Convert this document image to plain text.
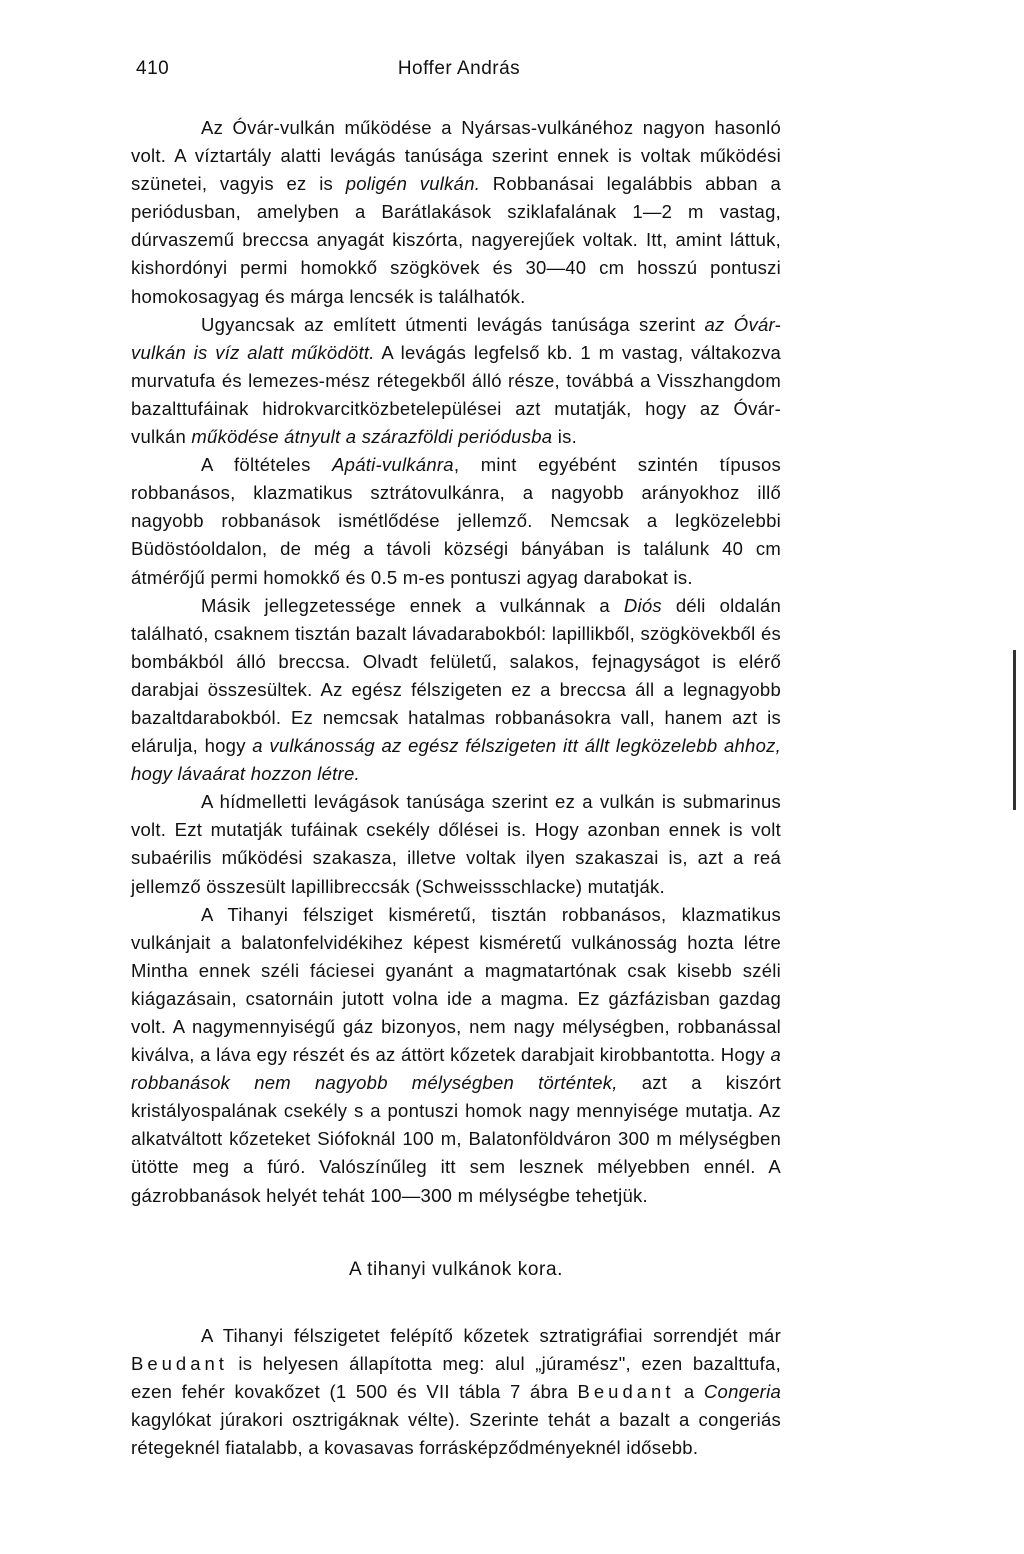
410	Hoffer András

Az Óvár-vulkán működése a Nyársas-vulkánéhoz nagyon hasonló volt. A víztartály alatti levágás tanúsága szerint ennek is voltak működési szünetei, vagyis ez is poligén vulkán. Robbanásai legalábbis abban a periódusban, amelyben a Barátlakások sziklafalának 1—2 m vastag, dúrvaszemű breccsa anyagát kiszórta, nagyerejűek voltak. Itt, amint láttuk, kishordónyi permi homokkő szögkövek és 30—40 cm hosszú pontuszi homokosagyag és márga lencsék is találhatók.

Ugyancsak az említett útmenti levágás tanúsága szerint az Óvár-vulkán is víz alatt működött. A levágás legfelső kb. 1 m vastag, váltakozva murvatufa és lemezes-mész rétegekből álló része, továbbá a Visszhangdom bazalttufáinak hidrokvarcitközbetelepülései azt mutatják, hogy az Óvár-vulkán működése átnyult a szárazföldi periódusba is.

A föltételes Apáti-vulkánra, mint egyébént szintén típusos robbanásos, klazmatikus sztrátovulkánra, a nagyobb arányokhoz illő nagyobb robbanások ismétlődése jellemző. Nemcsak a legközelebbi Büdöstóoldalon, de még a távoli községi bányában is találunk 40 cm átmérőjű permi homokkő és 0.5 m-es pontuszi agyag darabokat is.

Másik jellegzetessége ennek a vulkánnak a Diós déli oldalán található, csaknem tisztán bazalt lávadarabokból: lapillikből, szögkövekből és bombákból álló breccsa. Olvadt felületű, salakos, fejnagyságot is elérő darabjai összesültek. Az egész félszigeten ez a breccsa áll a legnagyobb bazaltdarabokból. Ez nemcsak hatalmas robbanásokra vall, hanem azt is elárulja, hogy a vulkánosság az egész félszigeten itt állt legközelebb ahhoz, hogy lávaárat hozzon létre.

A hídmelletti levágások tanúsága szerint ez a vulkán is submarinus volt. Ezt mutatják tufáinak csekély dőlései is. Hogy azonban ennek is volt subaérilis működési szakasza, illetve voltak ilyen szakaszai is, azt a reá jellemző összesült lapillibreccsák (Schweissschlacke) mutatják.

A Tihanyi félsziget kisméretű, tisztán robbanásos, klazmatikus vulkánjait a balatonfelvidékihez képest kisméretű vulkánosság hozta létre Mintha ennek széli fáciesei gyanánt a magmatartónak csak kisebb széli kiágazásain, csatornáin jutott volna ide a magma. Ez gázfázisban gazdag volt. A nagymennyiségű gáz bizonyos, nem nagy mélységben, robbanással kiválva, a láva egy részét és az áttört kőzetek darabjait kirobbantotta. Hogy a robbanások nem nagyobb mélységben történtek, azt a kiszórt kristályospalának csekély s a pontuszi homok nagy mennyisége mutatja. Az alkatváltott kőzeteket Siófoknál 100 m, Balatonföldváron 300 m mélységben ütötte meg a fúró. Valószínűleg itt sem lesznek mélyebben ennél. A gázrobbanások helyét tehát 100—300 m mélységbe tehetjük.

A tihanyi vulkánok kora.

A Tihanyi félszigetet felépítő kőzetek sztratigráfiai sorrendjét már Beudant is helyesen állapította meg: alul „júramész", ezen bazalttufa, ezen fehér kovakőzet (1 500 és VII tábla 7 ábra Beudant a Congeria kagylókat júrakori osztrigáknak vélte). Szerinte tehát a bazalt a congeriás rétegeknél fiatalabb, a kovasavas forrásképződményeknél idősebb.
